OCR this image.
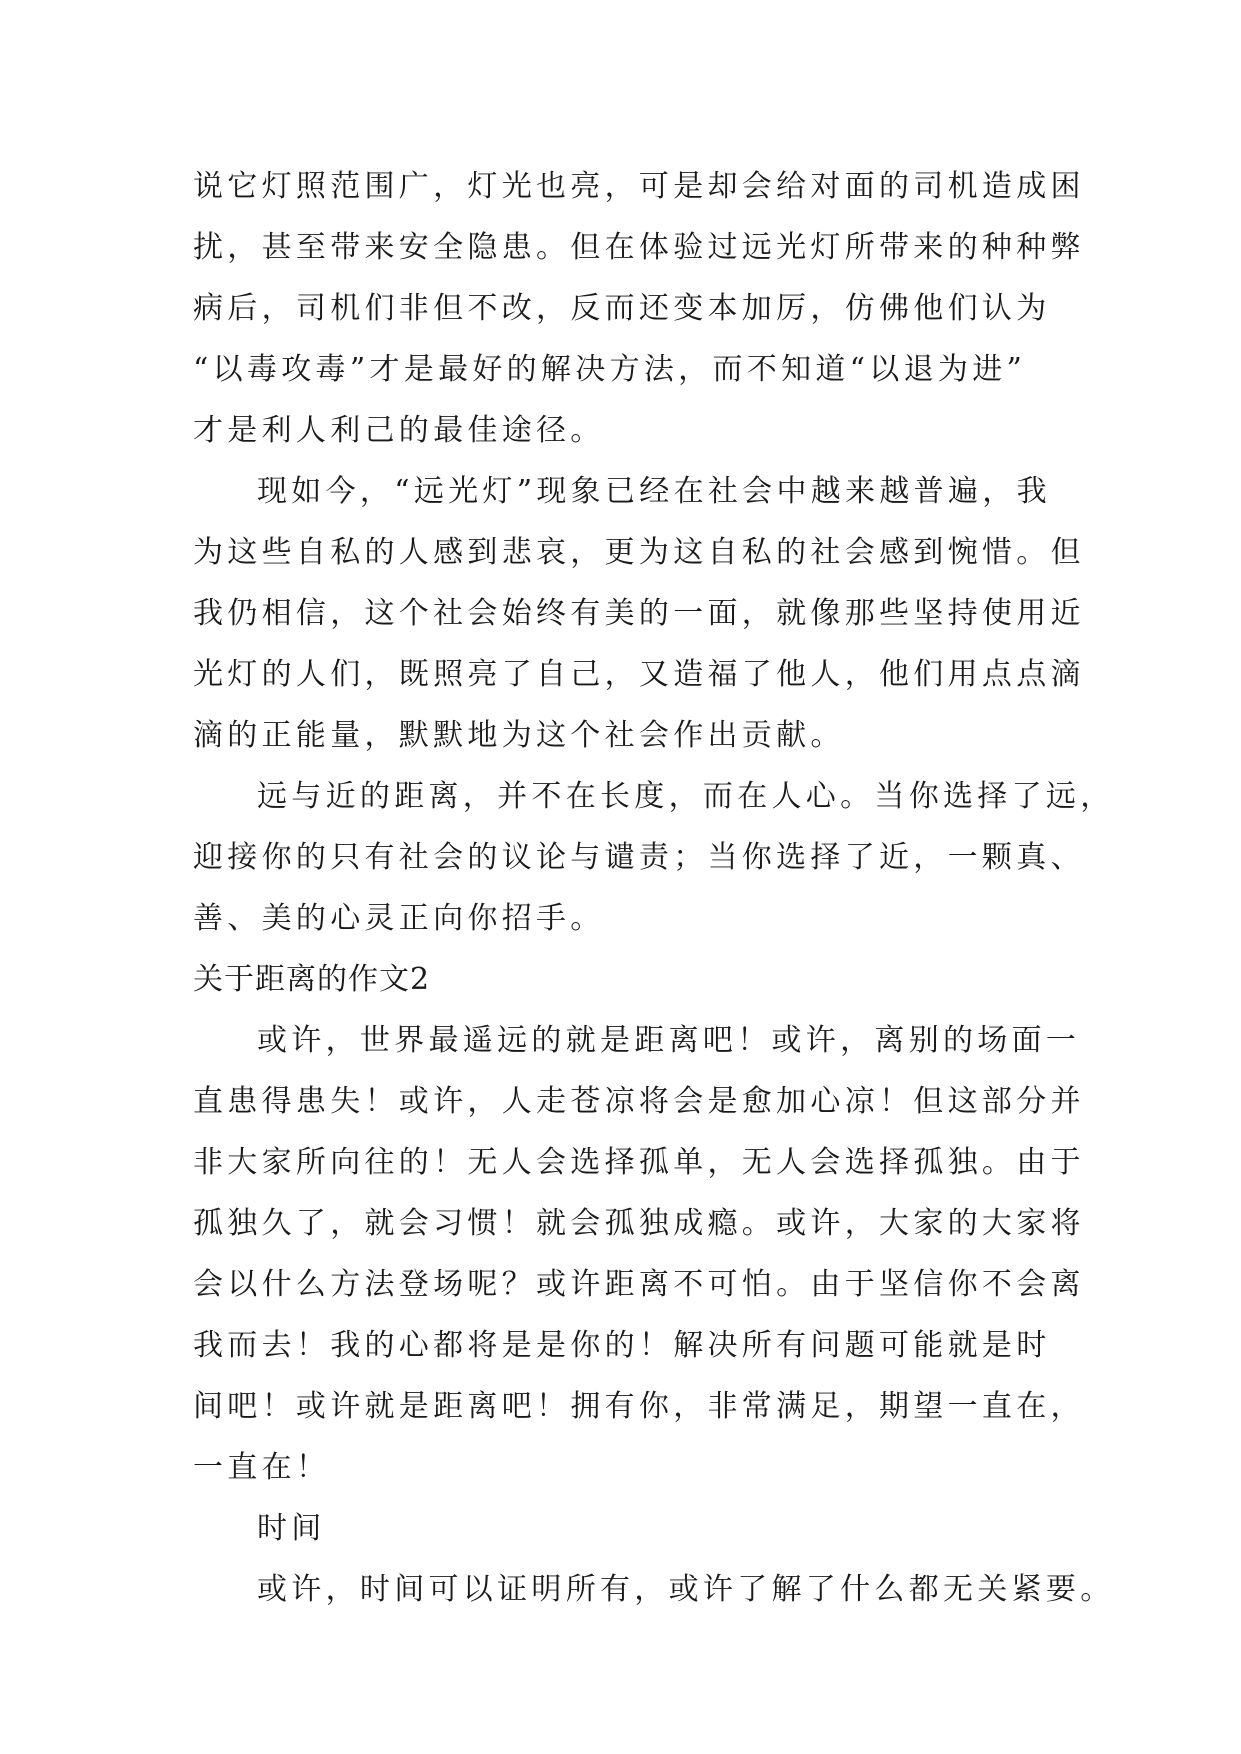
说它灯照范围广，灯光也亮，可是却会给对面的司机造成困
扰，甚至带来安全隐患。但在体验过远光灯所带来的种种弊
病后，司机们非但不改，反而还变本加厉，仿佛他们认为
“以毒攻毒”才是最好的解决方法，而不知道“以退为进”
才是利人利己的最佳途径。
现如今，“远光灯”现象已经在社会中越来越普遍，我
为这些自私的人感到悲哀，更为这自私的社会感到惋惜。但
我仍相信，这个社会始终有美的一面，就像那些坚持使用近
光灯的人们，既照亮了自己，又造福了他人，他们用点点滴
滴的正能量，默默地为这个社会作出贡献。
远与近的距离，并不在长度，而在人心。当你选择了远，
迎接你的只有社会的议论与谴责；当你选择了近，一颗真、
善、美的心灵正向你招手。
关于距离的作文2
或许，世界最遥远的就是距离吧！或许，离别的场面一
直患得患失！或许，人走苍凉将会是愈加心凉！但这部分并
非大家所向往的！无人会选择孤单，无人会选择孤独。由于
孤独久了，就会习惯！就会孤独成瘾。或许，大家的大家将
会以什么方法登场呢？或许距离不可怕。由于坚信你不会离
我而去！我的心都将是是你的！解决所有问题可能就是时
间吧！或许就是距离吧！拥有你，非常满足，期望一直在，
一直在！
时间
或许，时间可以证明所有，或许了解了什么都无关紧要。
